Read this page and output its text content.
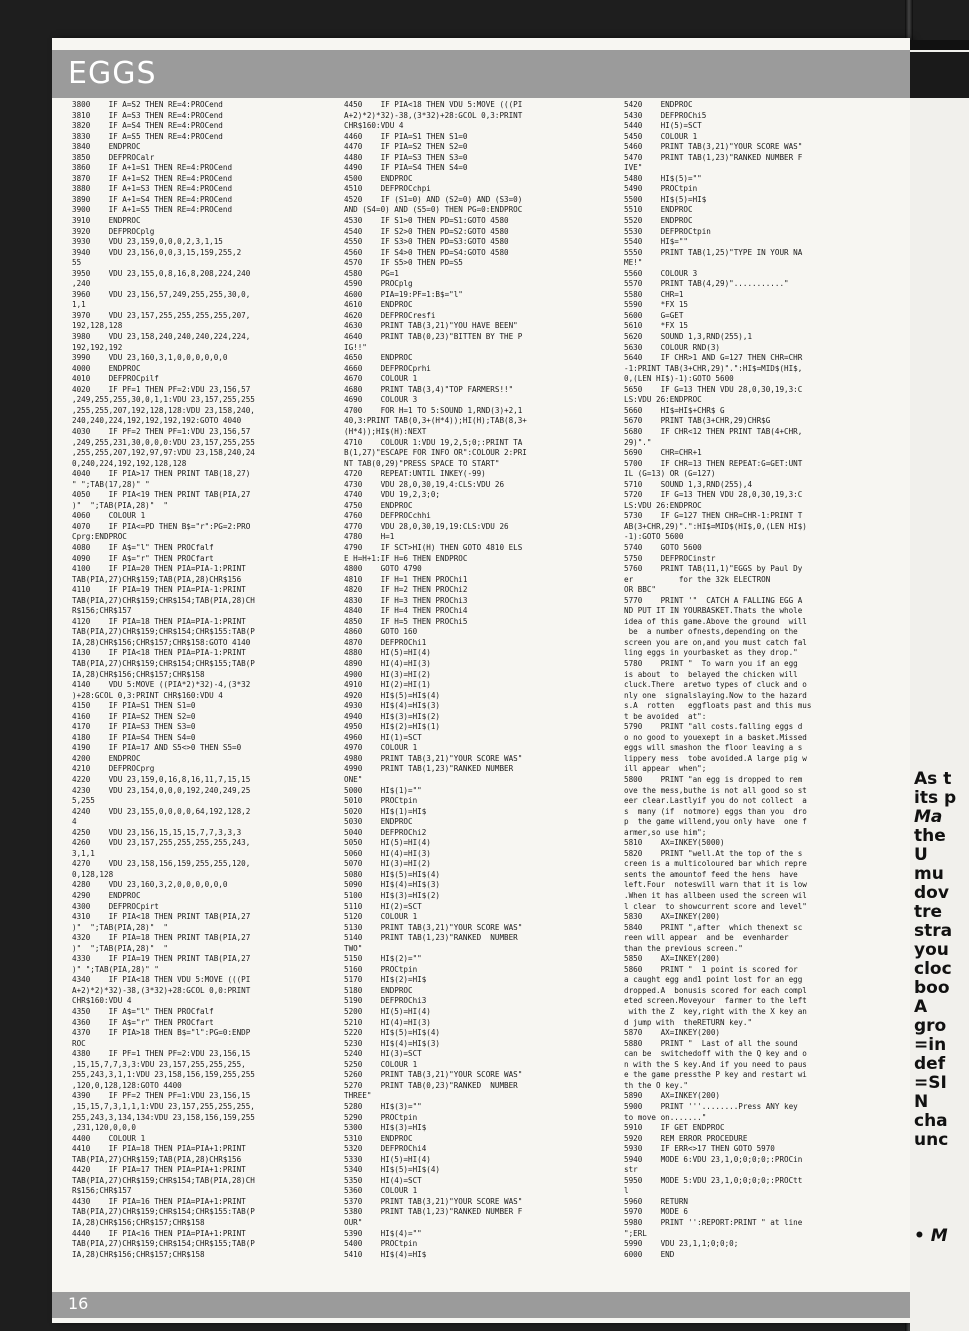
EGGS
3800    IF A=S2 THEN RE=4:PROCend
3810    IF A=S3 THEN RE=4:PROCend
3820    IF A=S4 THEN RE=4:PROCend
3830    IF A=S5 THEN RE=4:PROCend
3840    ENDPROC
3850    DEFPROCalr
3860    IF A+1=S1 THEN RE=4:PROCend
3870    IF A+1=S2 THEN RE=4:PROCend
3880    IF A+1=S3 THEN RE=4:PROCend
3890    IF A+1=S4 THEN RE=4:PROCend
3900    IF A+1=S5 THEN RE=4:PROCend
3910    ENDPROC
3920    DEFPROCplg
3930    VDU 23,159,0,0,0,2,3,1,15
3940    VDU 23,156,0,0,3,15,159,255,2
55
3950    VDU 23,155,0,8,16,8,208,224,240
,240
3960    VDU 23,156,57,249,255,255,30,0,
1,1
3970    VDU 23,157,255,255,255,255,207,
192,128,128
3980    VDU 23,158,240,240,240,224,224,
192,192,192
3990    VDU 23,160,3,1,0,0,0,0,0,0
4000    ENDPROC
4010    DEFPROCpilf
4020    IF PF=1 THEN PF=2:VDU 23,156,57
,249,255,255,30,0,1,1:VDU 23,157,255,255
,255,255,207,192,128,128:VDU 23,158,240,
240,240,224,192,192,192,192:GOTO 4040
4030    IF PF=2 THEN PF=1:VDU 23,156,57
,249,255,231,30,0,0,0:VDU 23,157,255,255
,255,255,207,192,97,97:VDU 23,158,240,24
0,240,224,192,192,128,128
4040    IF PIA>17 THEN PRINT TAB(18,27)
" ";TAB(17,28)" "
4050    IF PIA<19 THEN PRINT TAB(PIA,27
)"  ";TAB(PIA,28)"  "
4060    COLOUR 1
4070    IF PIA<=PD THEN B$="r":PG=2:PRO
Cprg:ENDPROC
4080    IF A$="l" THEN PROCfalf
4090    IF A$="r" THEN PROCfart
4100    IF PIA=20 THEN PIA=PIA-1:PRINT
TAB(PIA,27)CHR$159;TAB(PIA,28)CHR$156
4110    IF PIA=19 THEN PIA=PIA-1:PRINT
TAB(PIA,27)CHR$159;CHR$154;TAB(PIA,28)CH
R$156;CHR$157
4120    IF PIA=18 THEN PIA=PIA-1:PRINT
TAB(PIA,27)CHR$159;CHR$154;CHR$155:TAB(P
IA,28)CHR$156;CHR$157;CHR$158:GOTO 4140
4130    IF PIA<18 THEN PIA=PIA-1:PRINT
TAB(PIA,27)CHR$159;CHR$154;CHR$155;TAB(P
IA,28)CHR$156;CHR$157;CHR$158
4140    VDU 5:MOVE ((PIA*2)*32)-4,(3*32
)+28:GCOL 0,3:PRINT CHR$160:VDU 4
4150    IF PIA=S1 THEN S1=0
4160    IF PIA=S2 THEN S2=0
4170    IF PIA=S3 THEN S3=0
4180    IF PIA=S4 THEN S4=0
4190    IF PIA=17 AND S5<>0 THEN S5=0
4200    ENDPROC
4210    DEFPROCprg
4220    VDU 23,159,0,16,8,16,11,7,15,15
4230    VDU 23,154,0,0,0,192,240,249,25
5,255
4240    VDU 23,155,0,0,0,0,64,192,128,2
4
4250    VDU 23,156,15,15,15,7,7,3,3,3
4260    VDU 23,157,255,255,255,255,243,
3,1,1
4270    VDU 23,158,156,159,255,255,120,
0,128,128
4280    VDU 23,160,3,2,0,0,0,0,0,0
4290    ENDPROC
4300    DEFPROCpirt
4310    IF PIA<18 THEN PRINT TAB(PIA,27
)"  ";TAB(PIA,28)"  "
4320    IF PIA=18 THEN PRINT TAB(PIA,27
)"  ";TAB(PIA,28)"  "
4330    IF PIA=19 THEN PRINT TAB(PIA,27
)" ";TAB(PIA,28)" "
4340    IF PIA<18 THEN VDU 5:MOVE (((PI
A+2)*2)*32)-38,(3*32)+28:GCOL 0,0:PRINT
CHR$160:VDU 4
4350    IF A$="l" THEN PROCfalf
4360    IF A$="r" THEN PROCfart
4370    IF PIA>18 THEN B$="l":PG=0:ENDP
ROC
4380    IF PF=1 THEN PF=2:VDU 23,156,15
,15,15,7,7,3,3:VDU 23,157,255,255,255,
255,243,3,1,1:VDU 23,158,156,159,255,255
,120,0,128,128:GOTO 4400
4390    IF PF=2 THEN PF=1:VDU 23,156,15
,15,15,7,3,1,1,1:VDU 23,157,255,255,255,
255,243,3,134,134:VDU 23,158,156,159,255
,231,120,0,0,0
4400    COLOUR 1
4410    IF PIA=18 THEN PIA=PIA+1:PRINT
TAB(PIA,27)CHR$159;TAB(PIA,28)CHR$156
4420    IF PIA=17 THEN PIA=PIA+1:PRINT
TAB(PIA,27)CHR$159;CHR$154;TAB(PIA,28)CH
R$156;CHR$157
4430    IF PIA=16 THEN PIA=PIA+1:PRINT
TAB(PIA,27)CHR$159;CHR$154;CHR$155:TAB(P
IA,28)CHR$156;CHR$157;CHR$158
4440    IF PIA<16 THEN PIA=PIA+1:PRINT
TAB(PIA,27)CHR$159;CHR$154;CHR$155;TAB(P
IA,28)CHR$156;CHR$157;CHR$158
4450    IF PIA<18 THEN VDU 5:MOVE (((PI
A+2)*2)*32)-38,(3*32)+28:GCOL 0,3:PRINT
CHR$160:VDU 4
4460    IF PIA=S1 THEN S1=0
4470    IF PIA=S2 THEN S2=0
4480    IF PIA=S3 THEN S3=0
4490    IF PIA=S4 THEN S4=0
4500    ENDPROC
4510    DEFPROCchpi
4520    IF (S1=0) AND (S2=0) AND (S3=0)
AND (S4=0) AND (S5=0) THEN PG=0:ENDPROC
4530    IF S1>0 THEN PD=S1:GOTO 4580
4540    IF S2>0 THEN PD=S2:GOTO 4580
4550    IF S3>0 THEN PD=S3:GOTO 4580
4560    IF S4>0 THEN PD=S4:GOTO 4580
4570    IF S5>0 THEN PD=S5
4580    PG=1
4590    PROCplg
4600    PIA=19:PF=1:B$="l"
4610    ENDPROC
4620    DEFPROCresfi
4630    PRINT TAB(3,21)"YOU HAVE BEEN"
4640    PRINT TAB(0,23)"BITTEN BY THE P
IG!!"
4650    ENDPROC
4660    DEFPROCprhi
4670    COLOUR 1
4680    PRINT TAB(3,4)"TOP FARMERS!!"
4690    COLOUR 3
4700    FOR H=1 TO 5:SOUND 1,RND(3)+2,1
40,3:PRINT TAB(0,3+(H*4));HI(H);TAB(8,3+
(H*4));HI$(H):NEXT
4710    COLOUR 1:VDU 19,2,5;0;:PRINT TA
B(1,27)"ESCAPE FOR INFO OR":COLOUR 2:PRI
NT TAB(0,29)"PRESS SPACE TO START"
4720    REPEAT:UNTIL INKEY(-99)
4730    VDU 28,0,30,19,4:CLS:VDU 26
4740    VDU 19,2,3;0;
4750    ENDPROC
4760    DEFPROCchhi
4770    VDU 28,0,30,19,19:CLS:VDU 26
4780    H=1
4790    IF SCT>HI(H) THEN GOTO 4810 ELS
E H=H+1:IF H=6 THEN ENDPROC
4800    GOTO 4790
4810    IF H=1 THEN PROChi1
4820    IF H=2 THEN PROChi2
4830    IF H=3 THEN PROChi3
4840    IF H=4 THEN PROChi4
4850    IF H=5 THEN PROChi5
4860    GOTO 160
4870    DEFPROChi1
4880    HI(5)=HI(4)
4890    HI(4)=HI(3)
4900    HI(3)=HI(2)
4910    HI(2)=HI(1)
4920    HI$(5)=HI$(4)
4930    HI$(4)=HI$(3)
4940    HI$(3)=HI$(2)
4950    HI$(2)=HI$(1)
4960    HI(1)=SCT
4970    COLOUR 1
4980    PRINT TAB(3,21)"YOUR SCORE WAS"
4990    PRINT TAB(1,23)"RANKED NUMBER
ONE"
5000    HI$(1)=""
5010    PROCtpin
5020    HI$(1)=HI$
5030    ENDPROC
5040    DEFPROChi2
5050    HI(5)=HI(4)
5060    HI(4)=HI(3)
5070    HI(3)=HI(2)
5080    HI$(5)=HI$(4)
5090    HI$(4)=HI$(3)
5100    HI$(3)=HI$(2)
5110    HI(2)=SCT
5120    COLOUR 1
5130    PRINT TAB(3,21)"YOUR SCORE WAS"
5140    PRINT TAB(1,23)"RANKED  NUMBER
TWO"
5150    HI$(2)=""
5160    PROCtpin
5170    HI$(2)=HI$
5180    ENDPROC
5190    DEFPROChi3
5200    HI(5)=HI(4)
5210    HI(4)=HI(3)
5220    HI$(5)=HI$(4)
5230    HI$(4)=HI$(3)
5240    HI(3)=SCT
5250    COLOUR 1
5260    PRINT TAB(3,21)"YOUR SCORE WAS"
5270    PRINT TAB(0,23)"RANKED  NUMBER
THREE"
5280    HI$(3)=""
5290    PROCtpin
5300    HI$(3)=HI$
5310    ENDPROC
5320    DEFPROChi4
5330    HI(5)=HI(4)
5340    HI$(5)=HI$(4)
5350    HI(4)=SCT
5360    COLOUR 1
5370    PRINT TAB(3,21)"YOUR SCORE WAS"
5380    PRINT TAB(1,23)"RANKED NUMBER F
OUR"
5390    HI$(4)=""
5400    PROCtpin
5410    HI$(4)=HI$
5420    ENDPROC
5430    DEFPROChi5
5440    HI(5)=SCT
5450    COLOUR 1
5460    PRINT TAB(3,21)"YOUR SCORE WAS"
5470    PRINT TAB(1,23)"RANKED NUMBER F
IVE"
5480    HI$(5)=""
5490    PROCtpin
5500    HI$(5)=HI$
5510    ENDPROC
5520    ENDPROC
5530    DEFPROCtpin
5540    HI$=""
5550    PRINT TAB(1,25)"TYPE IN YOUR NA
ME!"
5560    COLOUR 3
5570    PRINT TAB(4,29)"..........."
5580    CHR=1
5590    *FX 15
5600    G=GET
5610    *FX 15
5620    SOUND 1,3,RND(255),1
5630    COLOUR RND(3)
5640    IF CHR>1 AND G=127 THEN CHR=CHR
-1:PRINT TAB(3+CHR,29)".":HI$=MID$(HI$,
0,(LEN HI$)-1):GOTO 5600
5650    IF G=13 THEN VDU 28,0,30,19,3:C
LS:VDU 26:ENDPROC
5660    HI$=HI$+CHR$ G
5670    PRINT TAB(3+CHR,29)CHR$G
5680    IF CHR<12 THEN PRINT TAB(4+CHR,
29)"."
5690    CHR=CHR+1
5700    IF CHR=13 THEN REPEAT:G=GET:UNT
IL (G=13) OR (G=127)
5710    SOUND 1,3,RND(255),4
5720    IF G=13 THEN VDU 28,0,30,19,3:C
LS:VDU 26:ENDPROC
5730    IF G=127 THEN CHR=CHR-1:PRINT T
AB(3+CHR,29)".":HI$=MID$(HI$,0,(LEN HI$)
-1):GOTO 5600
5740    GOTO 5600
5750    DEFPROCinstr
5760    PRINT TAB(11,1)"EGGS by Paul Dy
er          for the 32k ELECTRON
OR BBC"
5770    PRINT '"  CATCH A FALLING EGG A
ND PUT IT IN YOURBASKET.Thats the whole
idea of this game.Above the ground  will
be  a number ofnests,depending on the
screen you are on,and you must catch fal
ling eggs in yourbasket as they drop."
5780    PRINT "  To warn you if an egg
is about  to  belayed the chicken will
cluck.There  aretwo types of cluck and o
nly one  signalslaying.Now to the hazard
s.A  rotten   eggfloats past and this mus
t be avoided  at":
5790    PRINT "all costs.falling eggs d
o no good to youexept in a basket.Missed
eggs will smashon the floor leaving a s
lippery mess  tobe avoided.A large pig w
ill appear  when";
5800    PRINT "an egg is dropped to rem
ove the mess,buthe is not all good so st
eer clear.Lastlyif you do not collect  a
s  many (if  notmore) eggs than you  dro
p  the game willend,you only have  one f
armer,so use him";
5810    AX=INKEY(5000)
5820    PRINT "well.At the top of the s
creen is a multicoloured bar which repre
sents the amountof feed the hens  have
left.Four  noteswill warn that it is low
.When it has allbeen used the screen wil
l clear  to showcurrent score and level"
5830    AX=INKEY(200)
5840    PRINT ",after  which thenext sc
reen will appear  and be  evenharder
than the previous screen."
5850    AX=INKEY(200)
5860    PRINT "  1 point is scored for
a caught egg and1 point lost for an egg
dropped.A  bonusis scored for each compl
eted screen.Moveyour  farmer to the left
with the Z  key,right with the X key an
d jump with  theRETURN key."
5870    AX=INKEY(200)
5880    PRINT "  Last of all the sound
can be  switchedoff with the Q key and o
n with the S key.And if you need to paus
e the game pressthe P key and restart wi
th the O key."
5890    AX=INKEY(200)
5900    PRINT '''........Press ANY key
to move on......."
5910    IF GET ENDPROC
5920    REM ERROR PROCEDURE
5930    IF ERR<>17 THEN GOTO 5970
5940    MODE 6:VDU 23,1,0;0;0;0;:PROCin
str
5950    MODE 5:VDU 23,1,0;0;0;0;:PROCtt
l
5960    RETURN
5970    MODE 6
5980    PRINT '':REPORT:PRINT " at line
";ERL
5990    VDU 23,1,1;0;0;0;
6000    END
16
As t
its p
Ma
the
U
mu
dov
tre
stra
you
cloc
boo
A
gro
=in
def
=SI
N
cha
unc
• M
